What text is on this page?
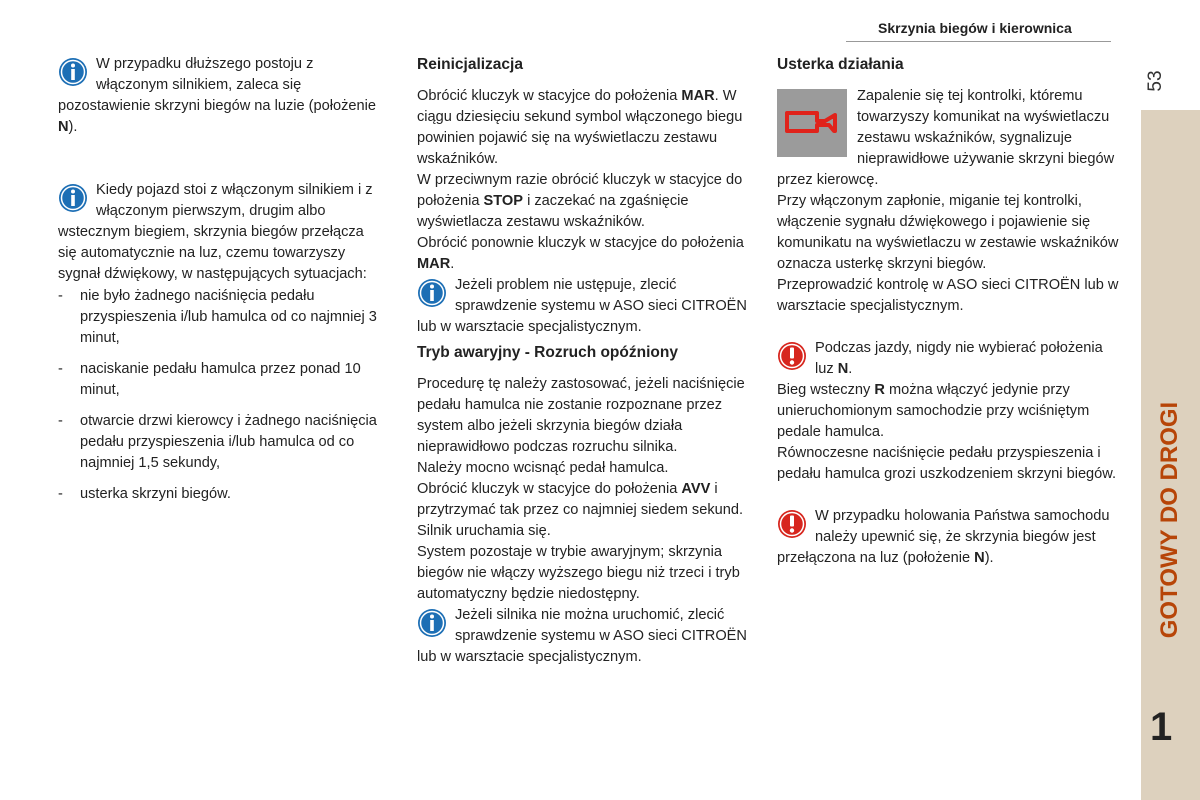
Skrzynia biegów i kierownica
53
GOTOWY DO DROGI
1

W przypadku dłuższego postoju z włączonym silnikiem, zaleca się pozostawienie skrzyni biegów na luzie (położenie N).

Kiedy pojazd stoi z włączonym silnikiem i z włączonym pierwszym, drugim albo wstecznym biegiem, skrzynia biegów przełącza się automatycznie na luz, czemu towarzyszy sygnał dźwiękowy, w następujących sytuacjach:

- nie było żadnego naciśnięcia pedału przyspieszenia i/lub hamulca od co najmniej 3 minut,
- naciskanie pedału hamulca przez ponad 10 minut,
- otwarcie drzwi kierowcy i żadnego naciśnięcia pedału przyspieszenia i/lub hamulca od co najmniej 1,5 sekundy,
- usterka skrzyni biegów.
Reinicjalizacja

Obrócić kluczyk w stacyjce do położenia MAR. W ciągu dziesięciu sekund symbol włączonego biegu powinien pojawić się na wyświetlaczu zestawu wskaźników.

W przeciwnym razie obrócić kluczyk w stacyjce do położenia STOP i zaczekać na zgaśnięcie wyświetlacza zestawu wskaźników.

Obrócić ponownie kluczyk w stacyjce do położenia MAR.

Jeżeli problem nie ustępuje, zlecić sprawdzenie systemu w ASO sieci CITROËN lub w warsztacie specjalistycznym.

Tryb awaryjny - Rozruch opóźniony

Procedurę tę należy zastosować, jeżeli naciśnięcie pedału hamulca nie zostanie rozpoznane przez system albo jeżeli skrzynia biegów działa nieprawidłowo podczas rozruchu silnika.

Należy mocno wcisnąć pedał hamulca.

Obrócić kluczyk w stacyjce do położenia AVV i przytrzymać tak przez co najmniej siedem sekund.

Silnik uruchamia się.

System pozostaje w trybie awaryjnym; skrzynia biegów nie włączy wyższego biegu niż trzeci i tryb automatyczny będzie niedostępny.

Jeżeli silnika nie można uruchomić, zlecić sprawdzenie systemu w ASO sieci CITROËN lub w warsztacie specjalistycznym.

Usterka działania

Zapalenie się tej kontrolki, któremu towarzyszy komunikat na wyświetlaczu zestawu wskaźników, sygnalizuje nieprawidłowe używanie skrzyni biegów przez kierowcę.

Przy włączonym zapłonie, miganie tej kontrolki, włączenie sygnału dźwiękowego i pojawienie się komunikatu na wyświetlaczu w zestawie wskaźników oznacza usterkę skrzyni biegów.

Przeprowadzić kontrolę w ASO sieci CITROËN lub w warsztacie specjalistycznym.

Podczas jazdy, nigdy nie wybierać położenia luz N.

Bieg wsteczny R można włączyć jedynie przy unieruchomionym samochodzie przy wciśniętym pedale hamulca.

Równoczesne naciśnięcie pedału przyspieszenia i pedału hamulca grozi uszkodzeniem skrzyni biegów.

W przypadku holowania Państwa samochodu należy upewnić się, że skrzynia biegów jest przełączona na luz (położenie N).
